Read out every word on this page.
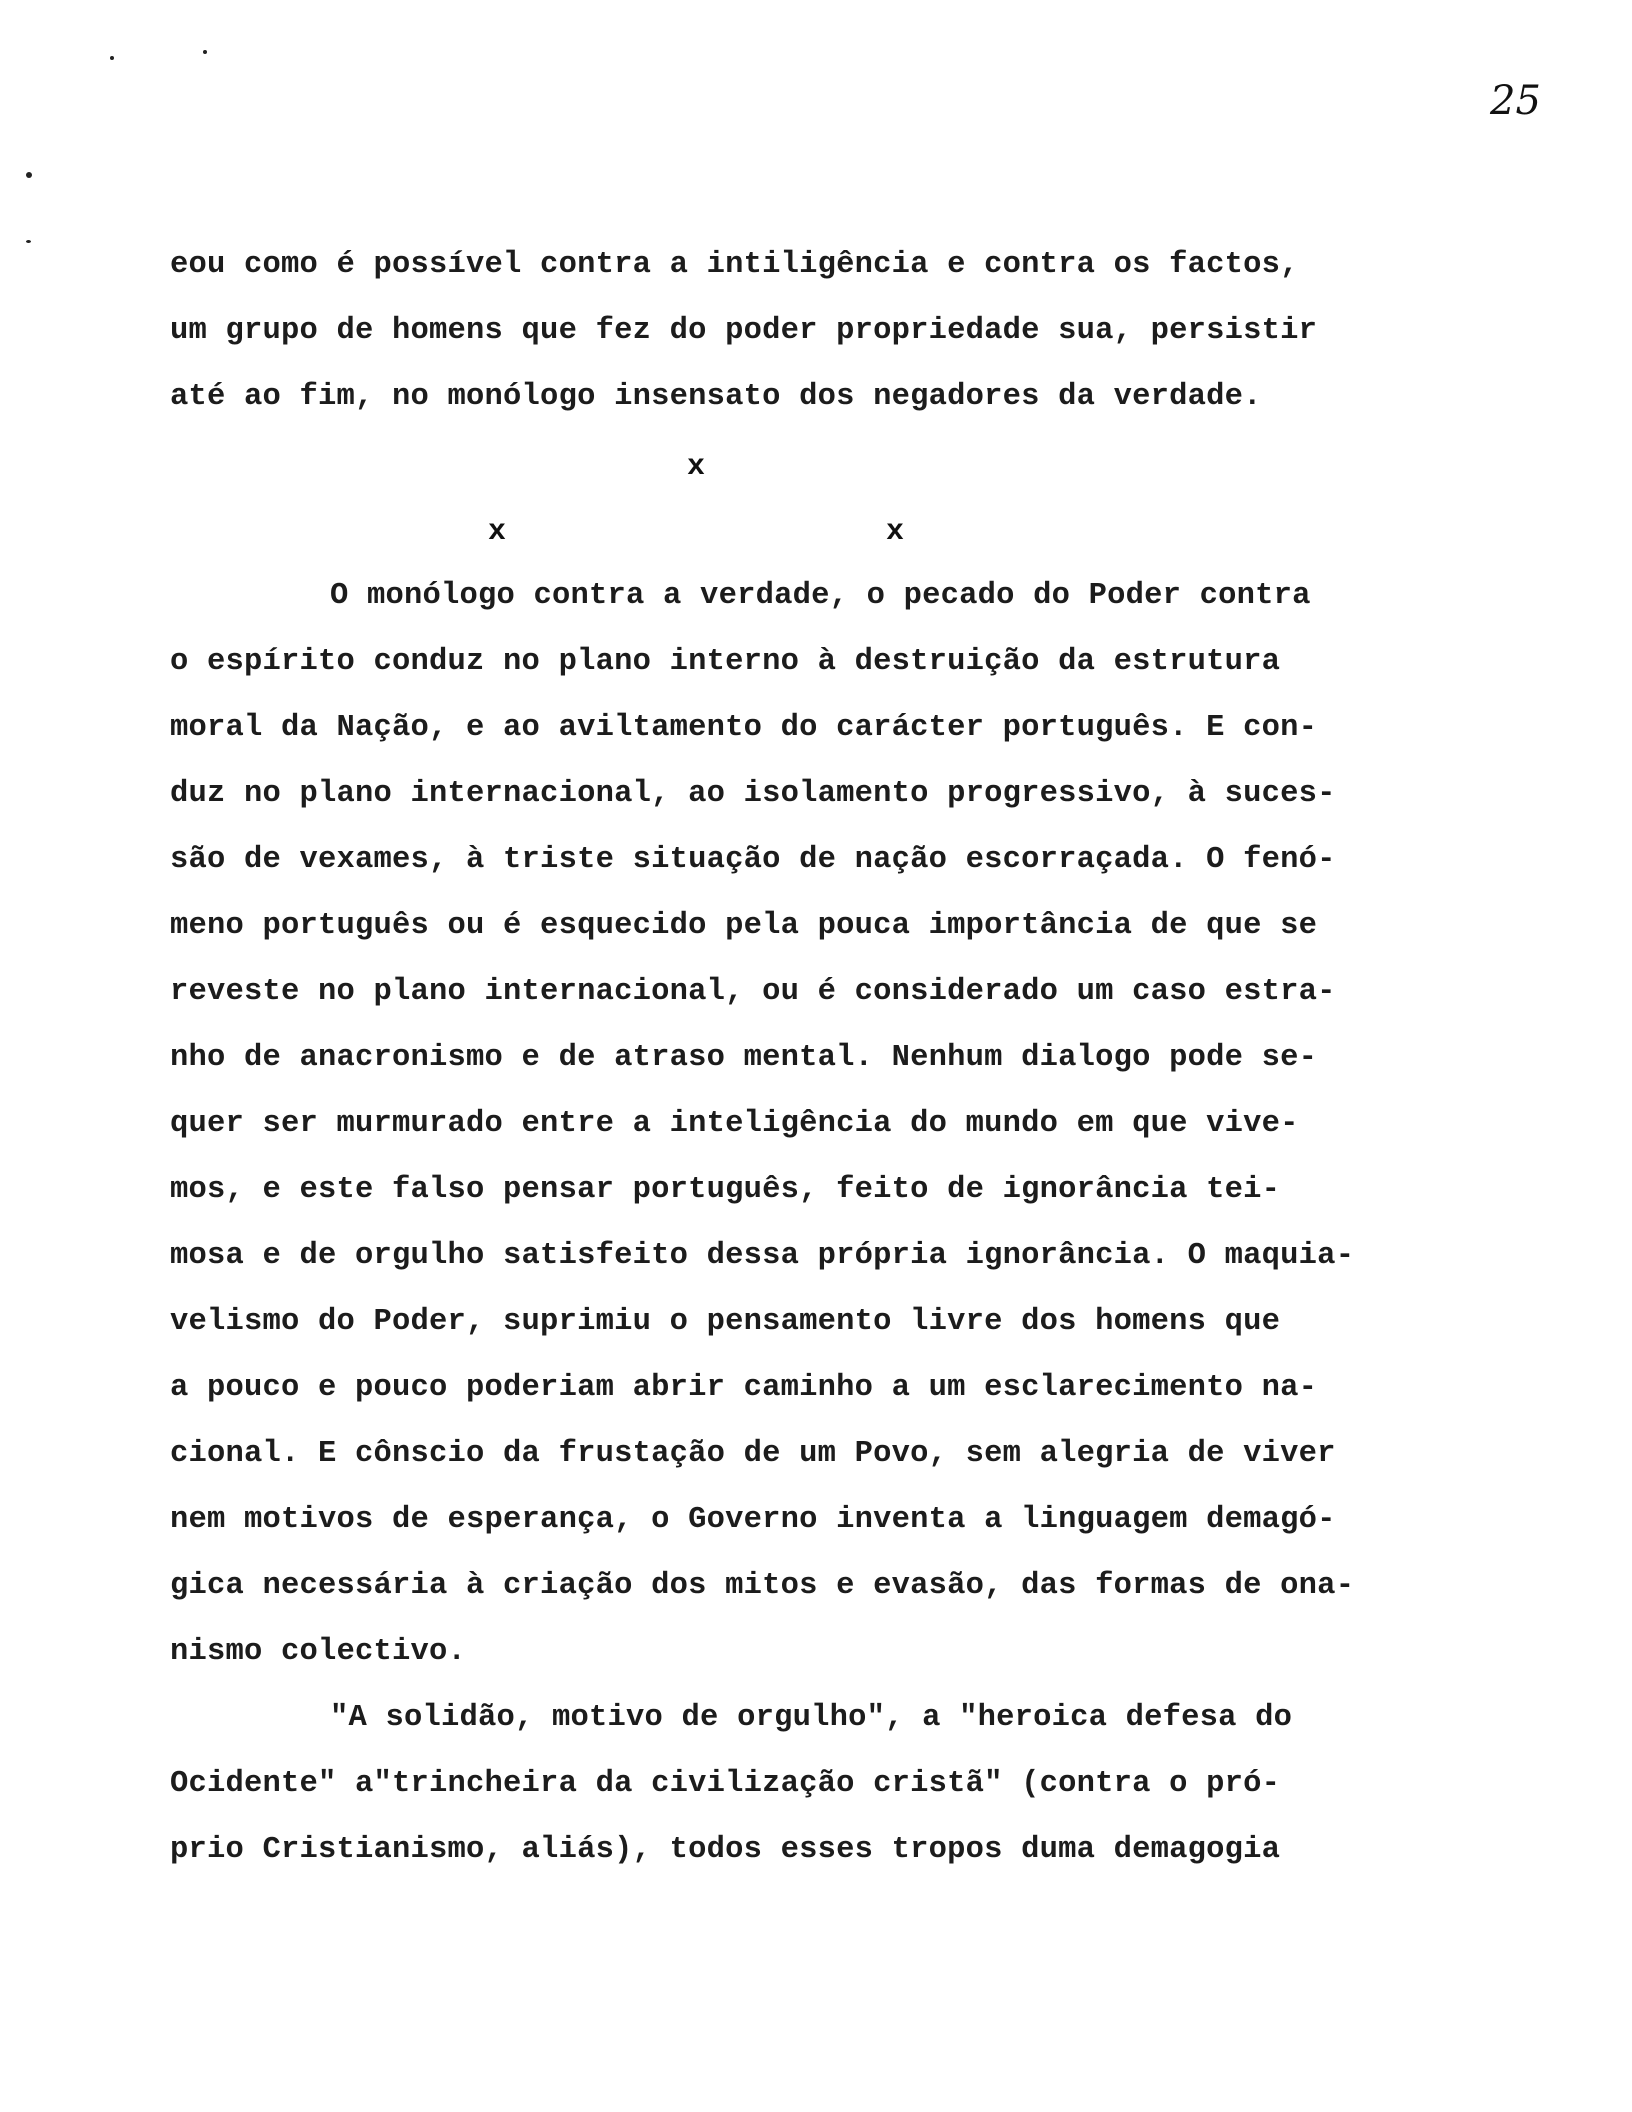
25
eou como é possível contra a intiligência e contra os factos,
um grupo de homens que fez do poder propriedade sua, persistir
até ao fim, no monólogo insensato dos negadores da verdade.
x
x	x
O monólogo contra a verdade, o pecado do Poder contra
o espírito conduz no plano interno à destruição da estrutura
moral da Nação, e ao aviltamento do carácter português. E con-
duz no plano internacional, ao isolamento progressivo, à suces-
são de vexames, à triste situação de nação escorraçada. O fenó-
meno português ou é esquecido pela pouca importância de que se
reveste no plano internacional, ou é considerado um caso estra-
nho de anacronismo e de atraso mental. Nenhum dialogo pode se-
quer ser murmurado entre a inteligência do mundo em que vive-
mos, e este falso pensar português, feito de ignorância tei-
mosa e de orgulho satisfeito dessa própria ignorância. O maquia-
velismo do Poder, suprimiu o pensamento livre dos homens que
a pouco e pouco poderiam abrir caminho a um esclarecimento na-
cional. E cônscio da frustação de um Povo, sem alegria de viver
nem motivos de esperança, o Governo inventa a linguagem demagó-
gica necessária à criação dos mitos e evasão, das formas de ona-
nismo colectivo.
"A solidão, motivo de orgulho", a "heroica defesa do
Ocidente" a"trincheira da civilização cristã" (contra o pró-
prio Cristianismo, aliás), todos esses tropos duma demagogia
